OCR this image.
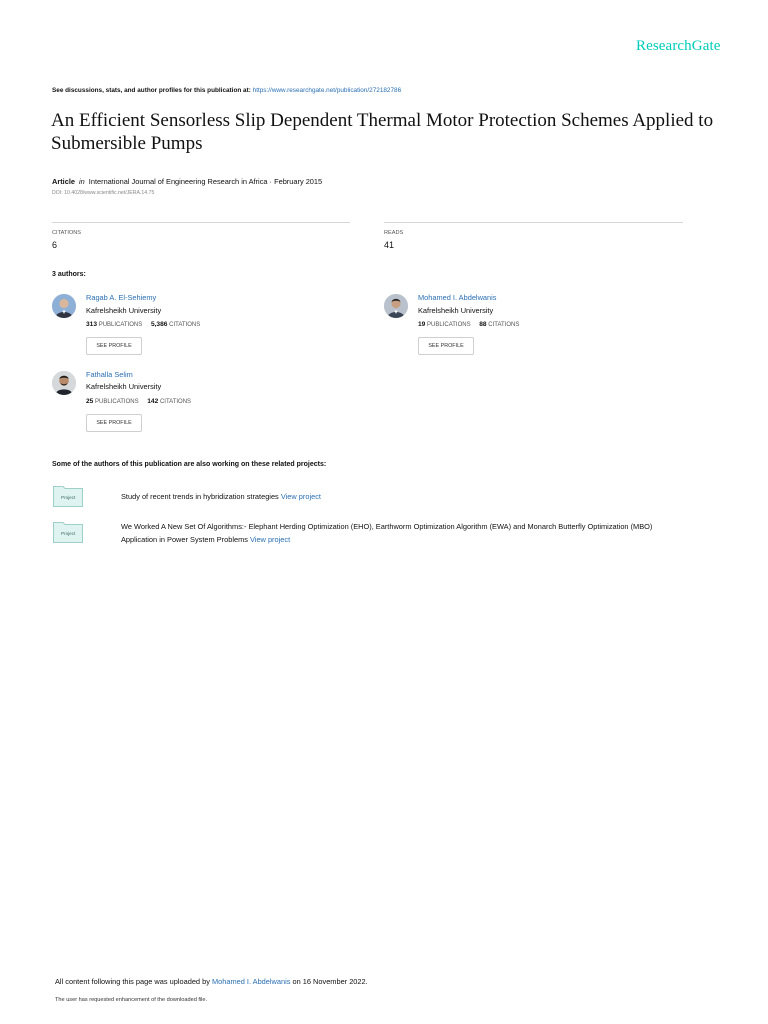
ResearchGate
See discussions, stats, and author profiles for this publication at: https://www.researchgate.net/publication/272182786
An Efficient Sensorless Slip Dependent Thermal Motor Protection Schemes Applied to Submersible Pumps
Article in International Journal of Engineering Research in Africa · February 2015
DOI: 10.4028/www.scientific.net/JERA.14.75
CITATIONS
6
READS
41
3 authors:
Ragab A. El-Sehiemy
Kafrelsheikh University
313 PUBLICATIONS 5,386 CITATIONS
SEE PROFILE
Mohamed I. Abdelwanis
Kafrelsheikh University
19 PUBLICATIONS 88 CITATIONS
SEE PROFILE
Fathalla Selim
Kafrelsheikh University
25 PUBLICATIONS 142 CITATIONS
SEE PROFILE
Some of the authors of this publication are also working on these related projects:
Project	Study of recent trends in hybridization strategies View project
Project
We Worked A New Set Of Algorithms:- Elephant Herding Optimization (EHO), Earthworm Optimization Algorithm (EWA) and Monarch Butterfly Optimization (MBO)
Application in Power System Problems View project
All content following this page was uploaded by Mohamed I. Abdelwanis on 16 November 2022.
The user has requested enhancement of the downloaded file.
